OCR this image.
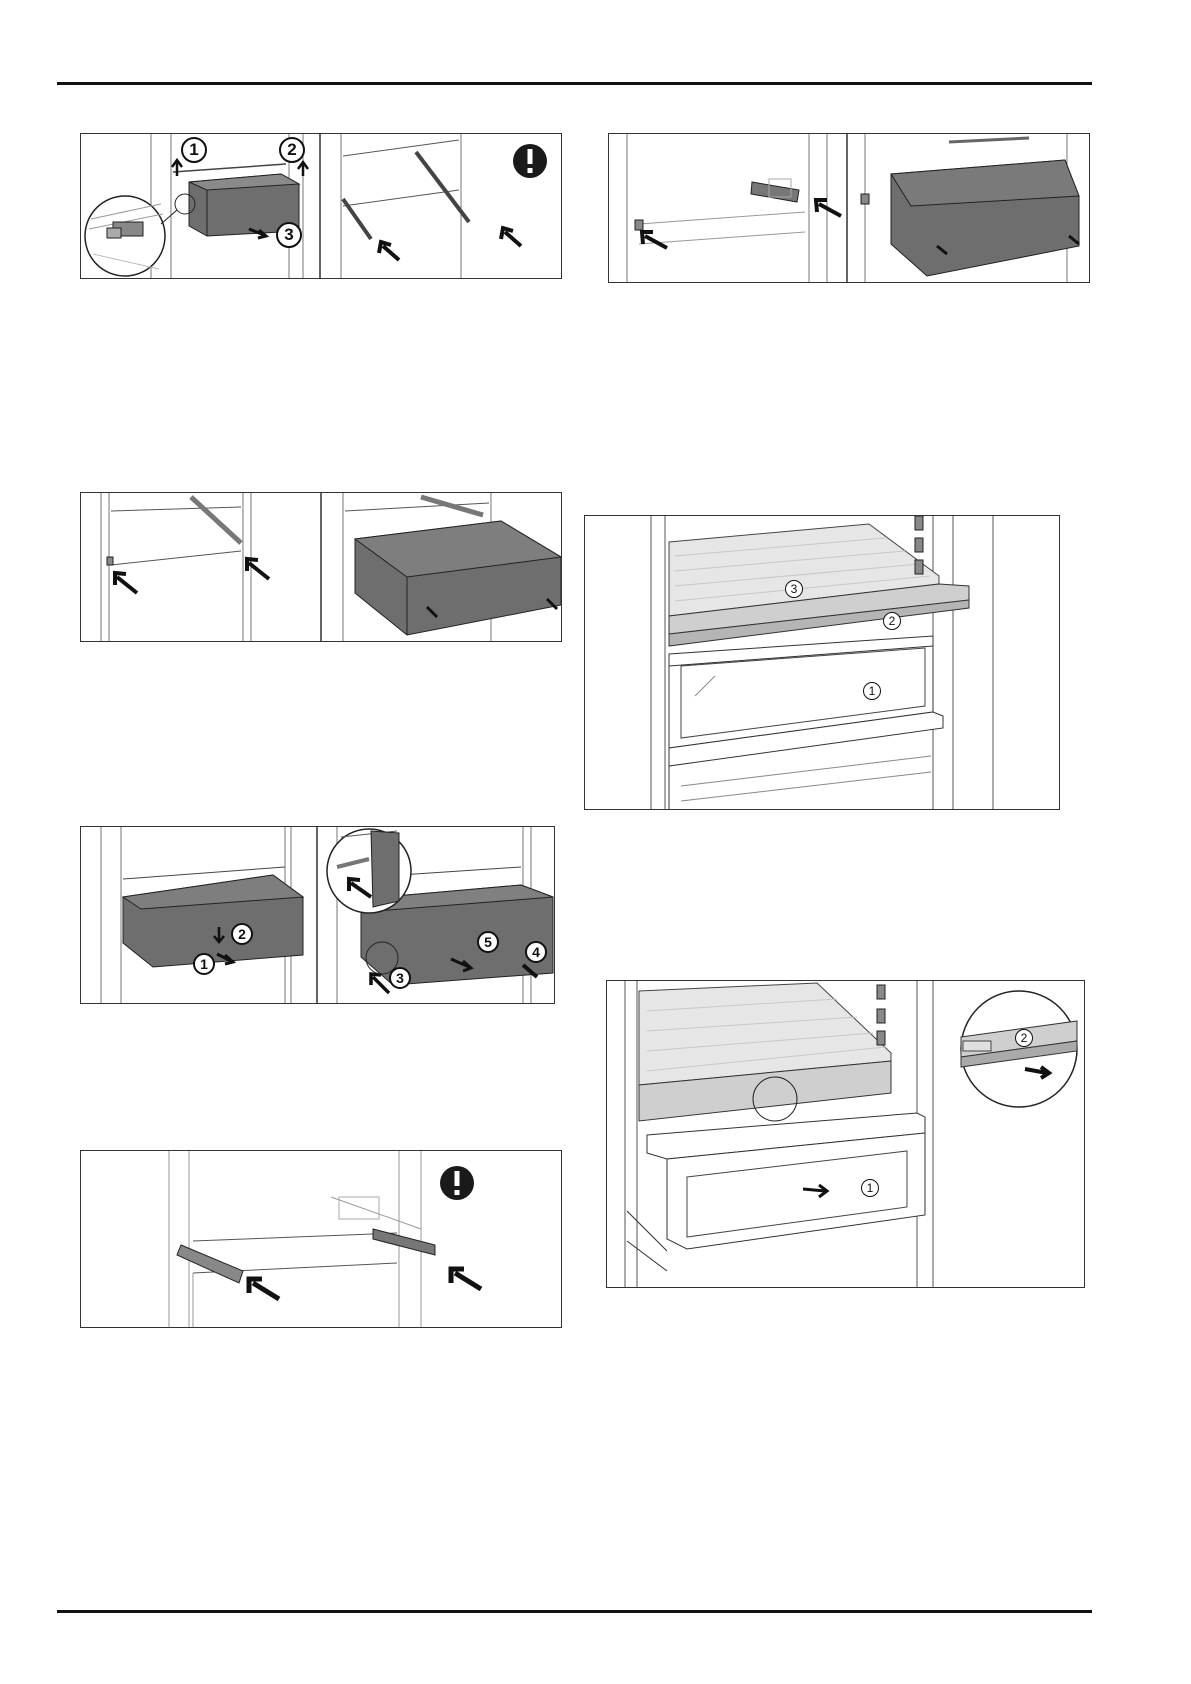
1	2
3
3
2
1
2
1
5
4
3
2
1
